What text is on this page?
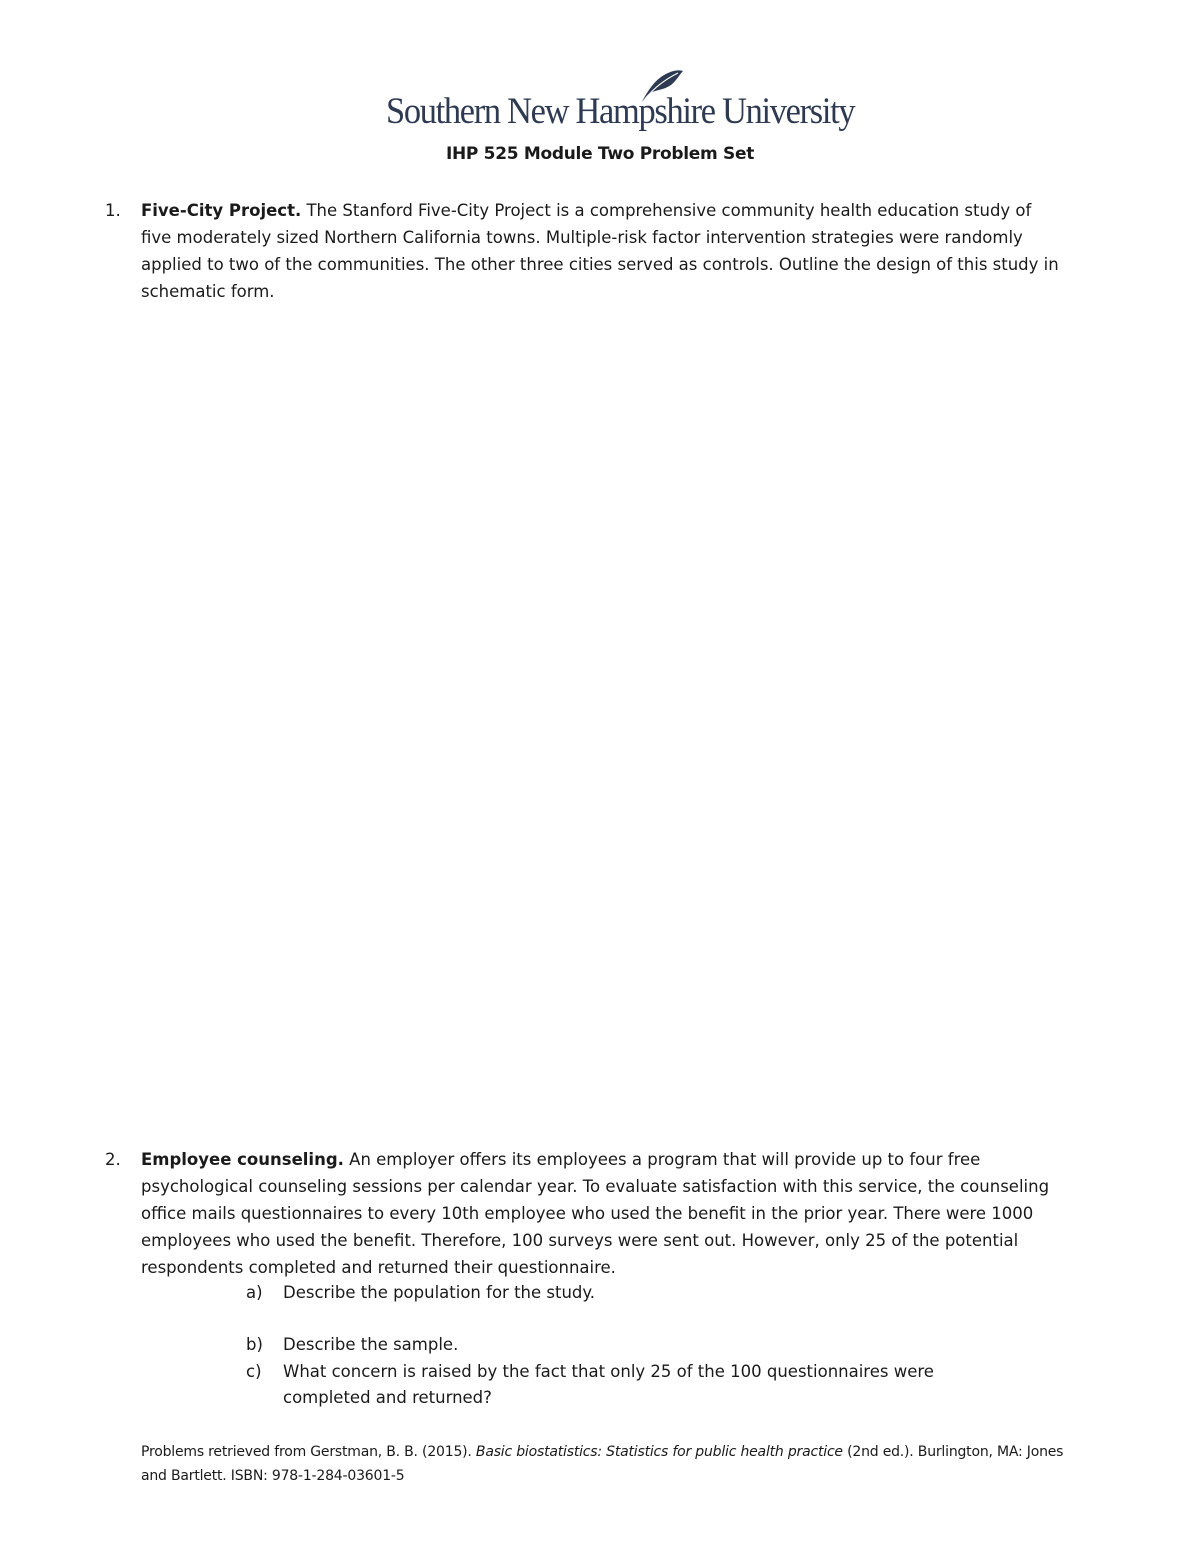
Southern New Hampshire University
IHP 525 Module Two Problem Set
1. Five-City Project. The Stanford Five-City Project is a comprehensive community health education study of five moderately sized Northern California towns. Multiple-risk factor intervention strategies were randomly applied to two of the communities. The other three cities served as controls. Outline the design of this study in schematic form.
2. Employee counseling. An employer offers its employees a program that will provide up to four free psychological counseling sessions per calendar year. To evaluate satisfaction with this service, the counseling office mails questionnaires to every 10th employee who used the benefit in the prior year. There were 1000 employees who used the benefit. Therefore, 100 surveys were sent out. However, only 25 of the potential respondents completed and returned their questionnaire.
a) Describe the population for the study.
b) Describe the sample.
c) What concern is raised by the fact that only 25 of the 100 questionnaires were completed and returned?
Problems retrieved from Gerstman, B. B. (2015). Basic biostatistics: Statistics for public health practice (2nd ed.). Burlington, MA: Jones and Bartlett. ISBN: 978-1-284-03601-5
